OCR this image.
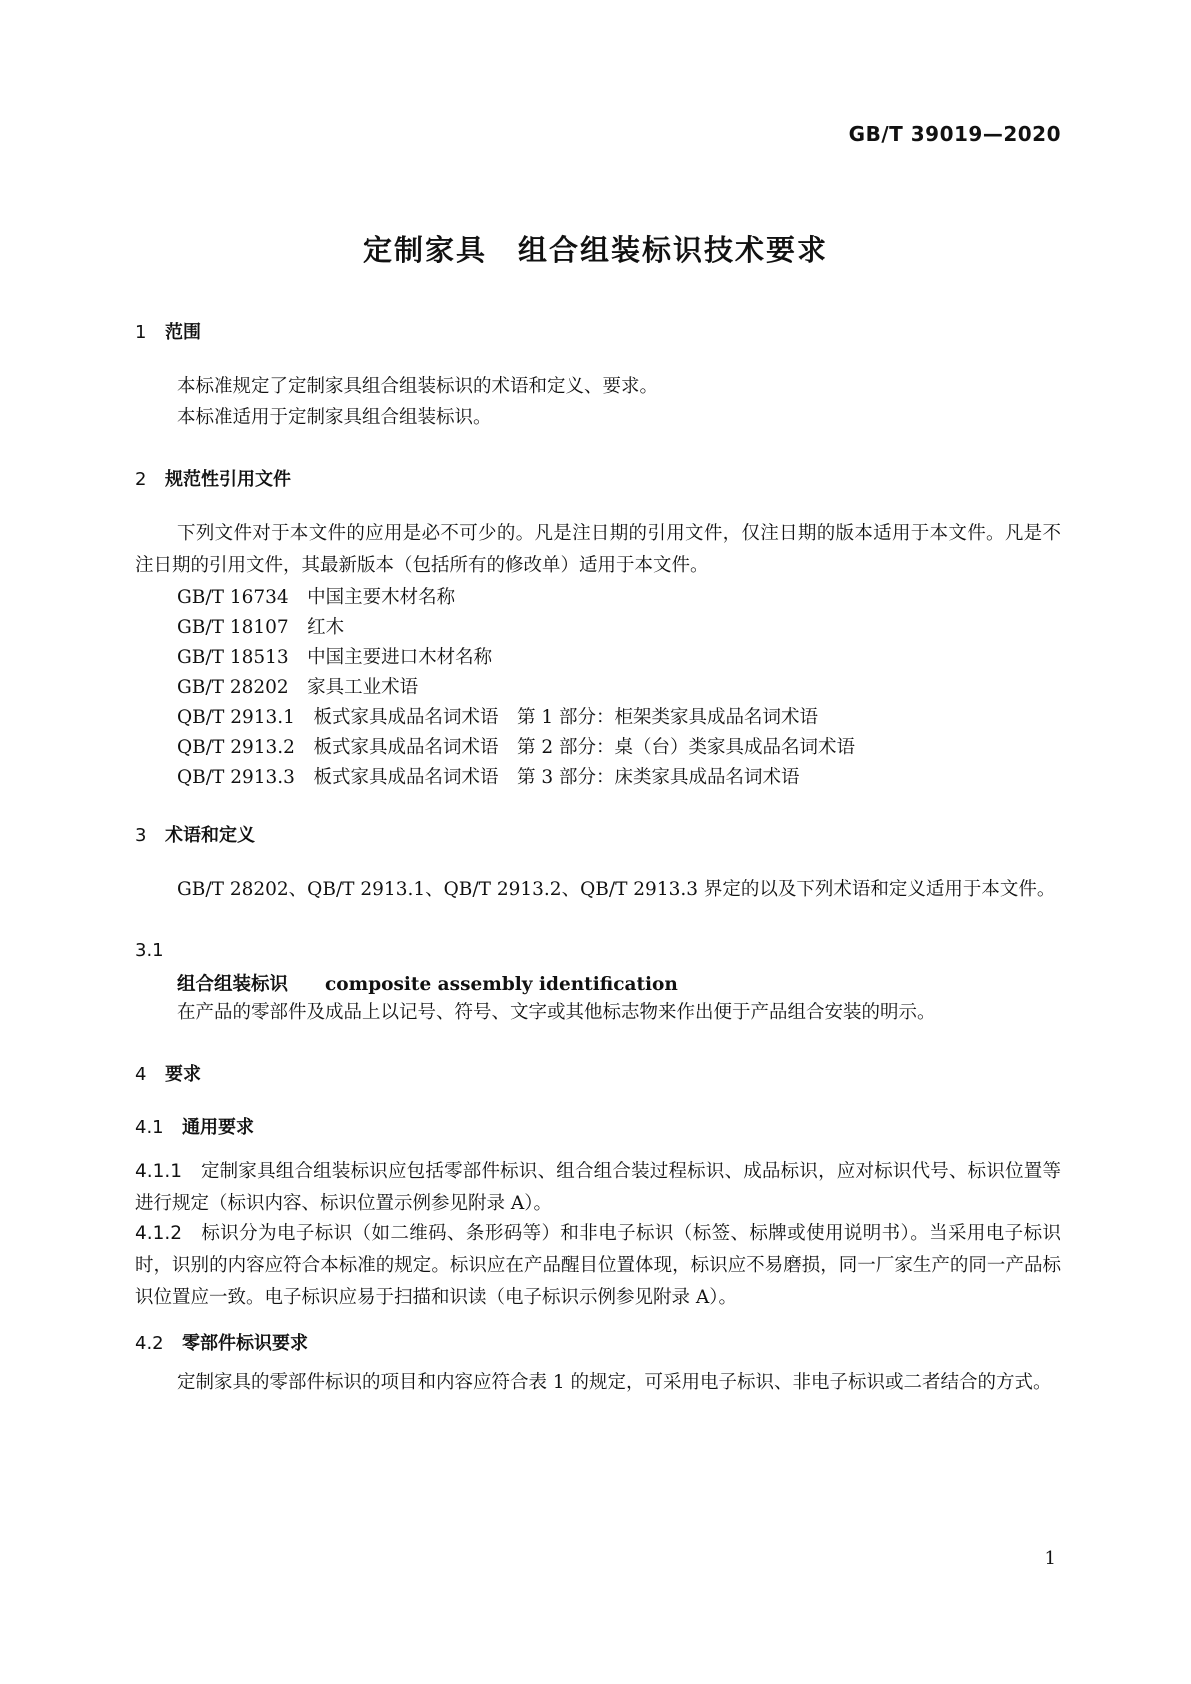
GB/T 39019—2020
定制家具　组合组装标识技术要求
1 范围
本标准规定了定制家具组合组装标识的术语和定义、要求。
本标准适用于定制家具组合组装标识。
2 规范性引用文件
下列文件对于本文件的应用是必不可少的。凡是注日期的引用文件，仅注日期的版本适用于本文件。凡是不注日期的引用文件，其最新版本（包括所有的修改单）适用于本文件。
GB/T 16734　中国主要木材名称
GB/T 18107　红木
GB/T 18513　中国主要进口木材名称
GB/T 28202　家具工业术语
QB/T 2913.1　板式家具成品名词术语　第 1 部分：柜架类家具成品名词术语
QB/T 2913.2　板式家具成品名词术语　第 2 部分：桌（台）类家具成品名词术语
QB/T 2913.3　板式家具成品名词术语　第 3 部分：床类家具成品名词术语
3 术语和定义
GB/T 28202、QB/T 2913.1、QB/T 2913.2、QB/T 2913.3 界定的以及下列术语和定义适用于本文件。
3.1
组合组装标识　　 composite assembly identification
在产品的零部件及成品上以记号、符号、文字或其他标志物来作出便于产品组合安装的明示。
4 要求
4.1 通用要求
4.1.1　 定制家具组合组装标识应包括零部件标识、组合组合装过程标识、成品标识，应对标识代号、标识位置等进行规定（标识内容、标识位置示例参见附录 A）。
4.1.2　 标识分为电子标识（如二维码、条形码等）和非电子标识（标签、标牌或使用说明书）。当采用电子标识时，识别的内容应符合本标准的规定。标识应在产品醒目位置体现，标识应不易磨损，同一厂家生产的同一产品标识位置应一致。电子标识应易于扫描和识读（电子标识示例参见附录 A）。
4.2 零部件标识要求
定制家具的零部件标识的项目和内容应符合表 1 的规定，可采用电子标识、非电子标识或二者结合的方式。
1
